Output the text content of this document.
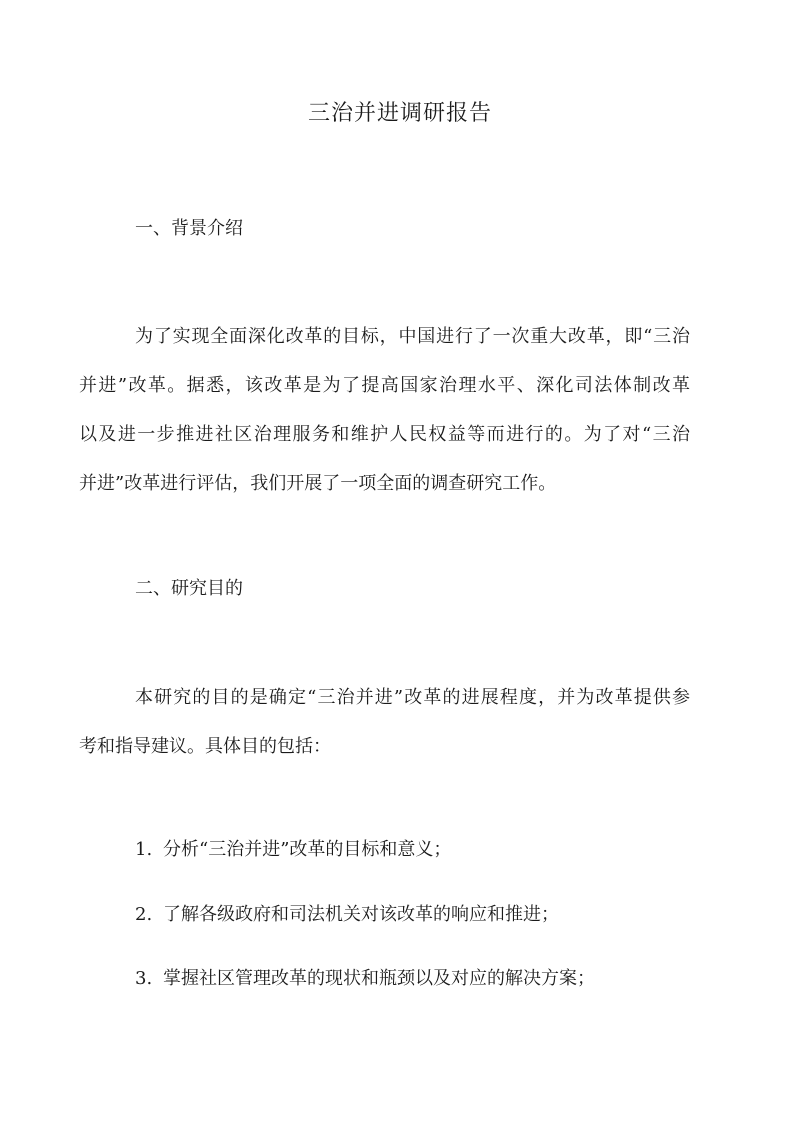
三治并进调研报告
一、背景介绍

为了实现全面深化改革的目标，中国进行了一次重大改革，即“三治
并进”改革。据悉，该改革是为了提高国家治理水平、深化司法体制改革
以及进一步推进社区治理服务和维护人民权益等而进行的。为了对“三治
并进”改革进行评估，我们开展了一项全面的调查研究工作。

二、研究目的

本研究的目的是确定“三治并进”改革的进展程度，并为改革提供参
考和指导建议。具体目的包括：

1. 分析“三治并进”改革的目标和意义；

2. 了解各级政府和司法机关对该改革的响应和推进；

3. 掌握社区管理改革的现状和瓶颈以及对应的解决方案；
